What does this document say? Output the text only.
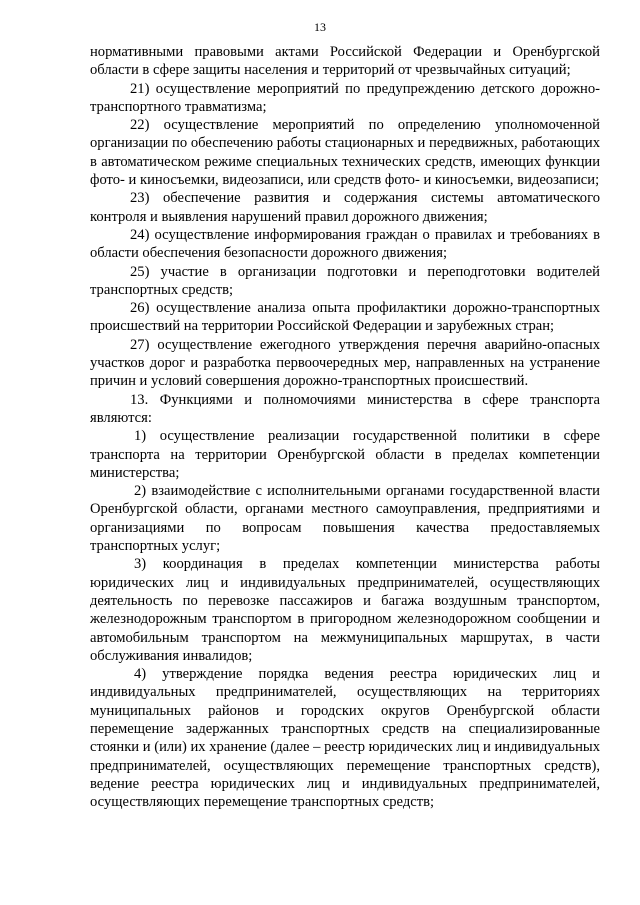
13

нормативными правовыми актами Российской Федерации и Оренбургской области в сфере защиты населения и территорий от чрезвычайных ситуаций;

21) осуществление мероприятий по предупреждению детского дорожно-транспортного травматизма;

22) осуществление мероприятий по определению уполномоченной организации по обеспечению работы стационарных и передвижных, работающих в автоматическом режиме специальных технических средств, имеющих функции фото- и киносъемки, видеозаписи, или средств фото- и киносъемки, видеозаписи;

23) обеспечение развития и содержания системы автоматического контроля и выявления нарушений правил дорожного движения;

24) осуществление информирования граждан о правилах и требованиях в области обеспечения безопасности дорожного движения;

25) участие в организации подготовки и переподготовки водителей транспортных средств;

26) осуществление анализа опыта профилактики дорожно-транспортных происшествий на территории Российской Федерации и зарубежных стран;

27) осуществление ежегодного утверждения перечня аварийно-опасных участков дорог и разработка первоочередных мер, направленных на устранение причин и условий совершения дорожно-транспортных происшествий.

13. Функциями и полномочиями министерства в сфере транспорта являются:

1) осуществление реализации государственной политики в сфере транспорта на территории Оренбургской области в пределах компетенции министерства;

2) взаимодействие с исполнительными органами государственной власти Оренбургской области, органами местного самоуправления, предприятиями и организациями по вопросам повышения качества предоставляемых транспортных услуг;

3) координация в пределах компетенции министерства работы юридических лиц и индивидуальных предпринимателей, осуществляющих деятельность по перевозке пассажиров и багажа воздушным транспортом, железнодорожным транспортом в пригородном железнодорожном сообщении и автомобильным транспортом на межмуниципальных маршрутах, в части обслуживания инвалидов;

4) утверждение порядка ведения реестра юридических лиц и индивидуальных предпринимателей, осуществляющих на территориях муниципальных районов и городских округов Оренбургской области перемещение задержанных транспортных средств на специализированные стоянки и (или) их хранение (далее – реестр юридических лиц и индивидуальных предпринимателей, осуществляющих перемещение транспортных средств), ведение реестра юридических лиц и индивидуальных предпринимателей, осуществляющих перемещение транспортных средств;
